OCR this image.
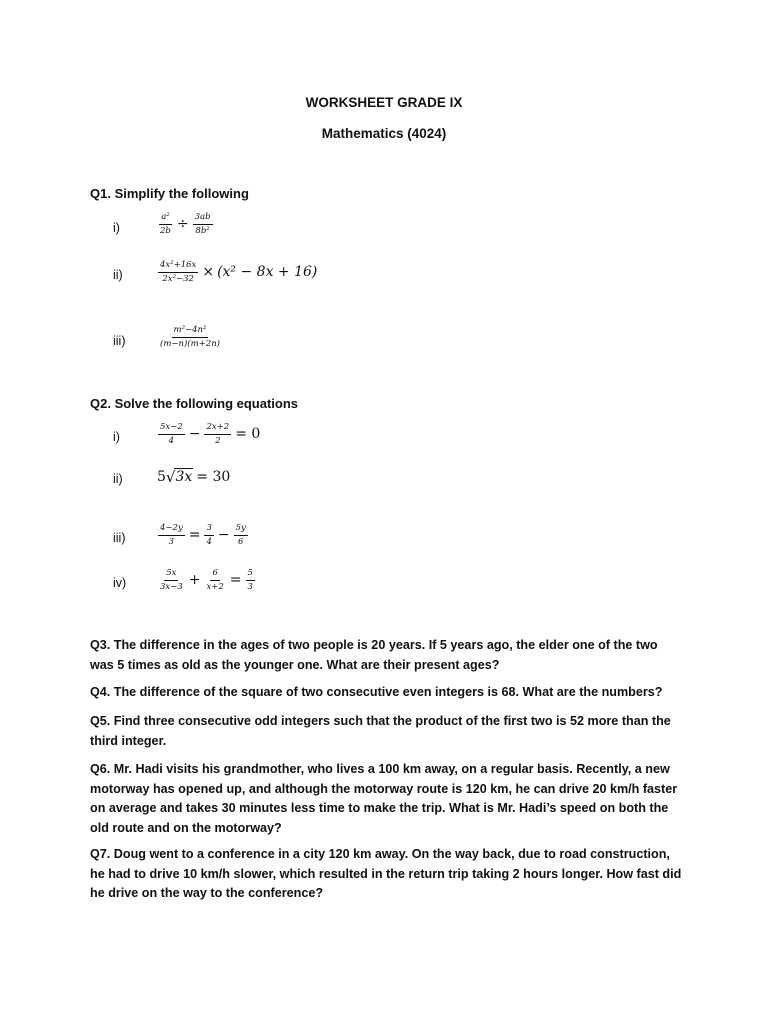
WORKSHEET GRADE IX
Mathematics (4024)
Q1. Simplify the following
i)	$\frac{\text{a²}}{2b} \div \frac{3ab}{\text{8b²}}$
ii)	$\frac{\text{4x²+16x}}{\text{2x²−32}} \times (x^2 - 8x + 16)$
iii)	$\frac{\text{m²−4n²}}{(m-n)(m+2n)}$
Q2. Solve the following equations
i)	$\frac{5x-2}{4} - \frac{2x+2}{2} = 0$
ii) 5 √ 3x = 30
iii)	$\frac{4-2y}{3} = \frac{3}{4} - \frac{5y}{6}$
iv)	$\frac{5x}{3x-3} + \frac{6}{x+2} = \frac{5}{3}$
Q3. The difference in the ages of two people is 20 years. If 5 years ago, the elder one of the two was 5 times as old as the younger one. What are their present ages?
Q4. The difference of the square of two consecutive even integers is 68. What are the numbers?
Q5. Find three consecutive odd integers such that the product of the first two is 52 more than the third integer.
Q6. Mr. Hadi visits his grandmother, who lives a 100 km away, on a regular basis. Recently, a new motorway has opened up, and although the motorway route is 120 km, he can drive 20 km/h faster on average and takes 30 minutes less time to make the trip. What is Mr. Hadi’s speed on both the old route and on the motorway?
Q7. Doug went to a conference in a city 120 km away. On the way back, due to road construction, he had to drive 10 km/h slower, which resulted in the return trip taking 2 hours longer. How fast did he drive on the way to the conference?
